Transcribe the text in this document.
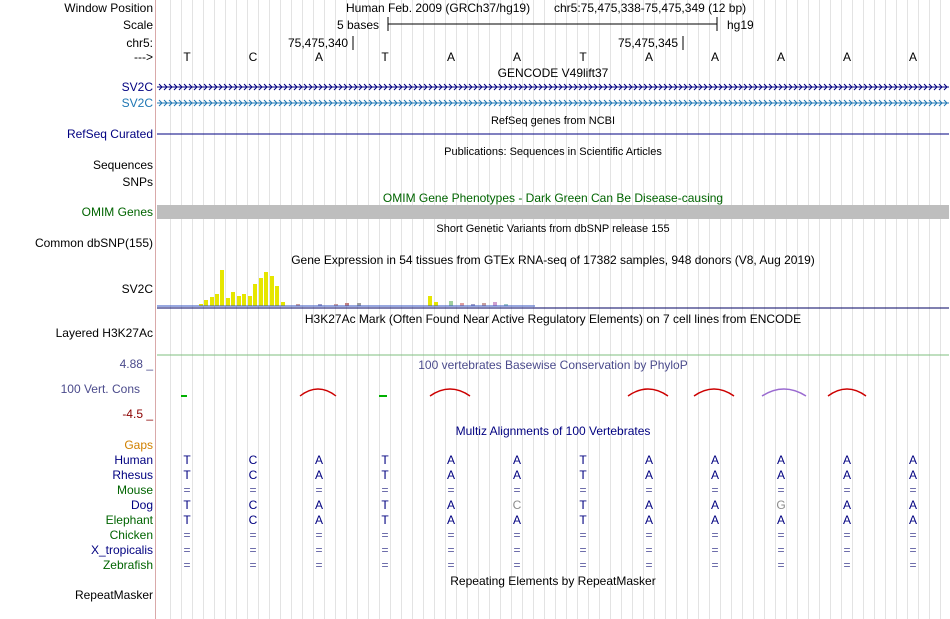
Window Position	Human Feb. 2009 (GRCh37/hg19) chr5:75,475,338-75,475,349 (12 bp)
Scale	5 bases	hg19
chr5:	75,475,340	75,475,345
--->	T	C	A	T	A	A	T	A	A	A	A	A
GENCODE V49lift37
SV2C
SV2C
RefSeq genes from NCBI
RefSeq Curated
Publications: Sequences in Scientific Articles
Sequences
SNPs
OMIM Gene Phenotypes - Dark Green Can Be Disease-causing
OMIM Genes
Short Genetic Variants from dbSNP release 155
Common dbSNP(155)
Gene Expression in 54 tissues from GTEx RNA-seq of 17382 samples, 948 donors (V8, Aug 2019)
SV2C
H3K27Ac Mark (Often Found Near Active Regulatory Elements) on 7 cell lines from ENCODE
Layered H3K27Ac
100 vertebrates Basewise Conservation by PhyloP
4.88 _
100 Vert. Cons
-4.5 _
Multiz Alignments of 100 Vertebrates
Gaps
Human	T	C	A	T	A	A	T	A	A	A	A	A
Rhesus	T	C	A	T	A	A	T	A	A	A	A	A
Mouse	=	=	=	=	=	=	=	=	=	=	=	=
Dog	T	C	A	T	A	C	T	A	A	G	A	A
Elephant	T	C	A	T	A	A	T	A	A	A	A	A
Chicken	=	=	=	=	=	=	=	=	=	=	=	=
X_tropicalis	=	=	=	=	=	=	=	=	=	=	=	=
Zebrafish	=	=	=	=	=	=	=	=	=	=	=	=
Repeating Elements by RepeatMasker
RepeatMasker
